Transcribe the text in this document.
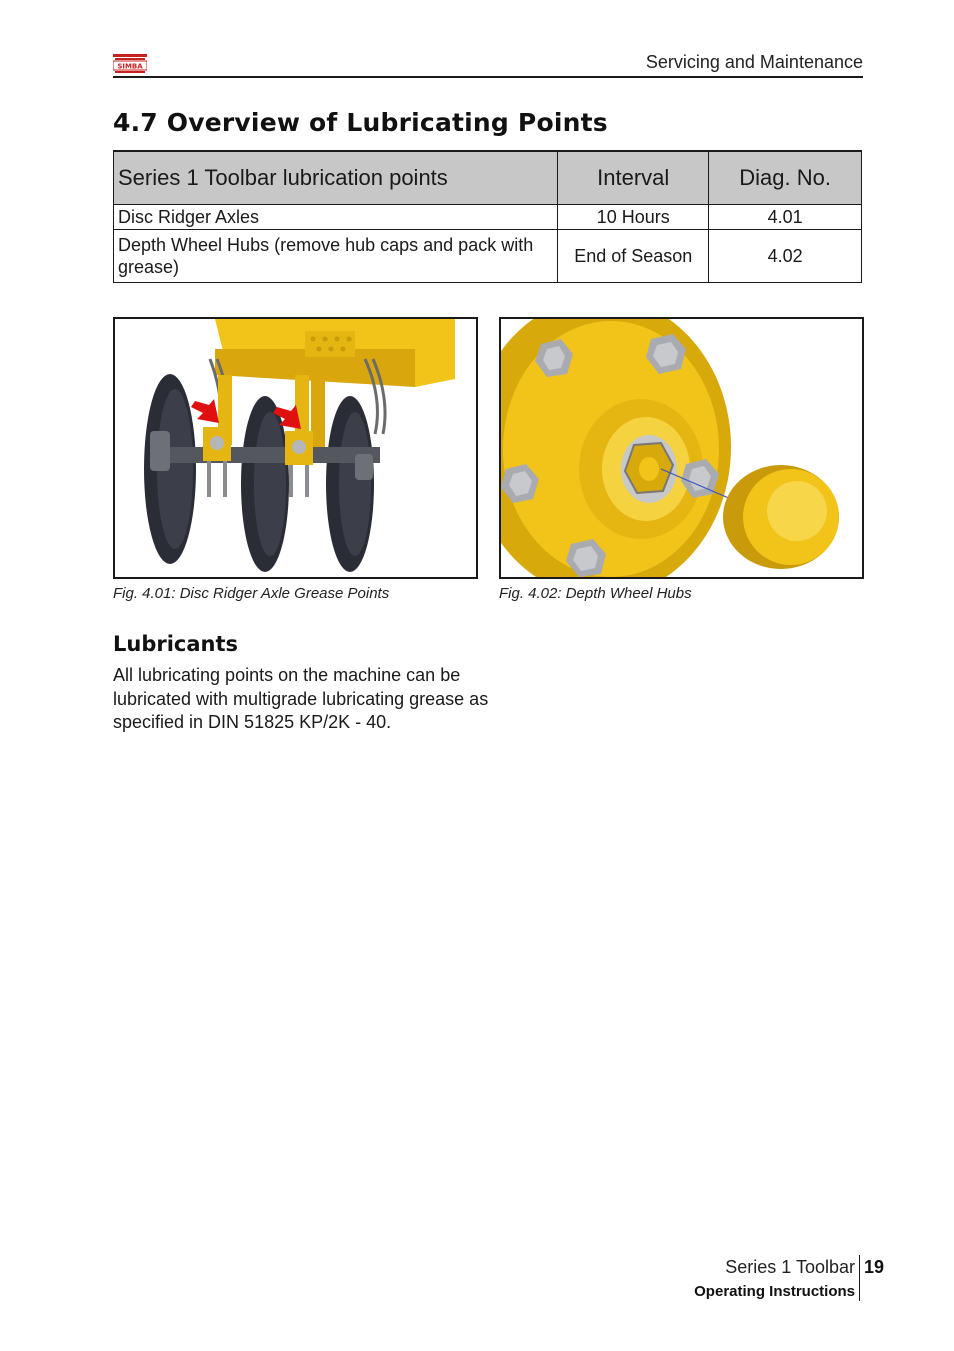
SIMBA	Servicing and Maintenance
4.7 Overview of Lubricating Points
Series 1 Toolbar lubrication points	Interval	Diag. No.
Disc Ridger Axles	10 Hours	4.01
Depth Wheel Hubs (remove hub caps and pack with grease)	End of Season	4.02
Fig. 4.01: Disc Ridger Axle Grease Points	Fig. 4.02: Depth Wheel Hubs
Lubricants
All lubricating points on the machine can be lubricated with multigrade lubricating grease as specified in DIN 51825 KP/2K - 40.
Series 1 Toolbar
Operating Instructions
19
